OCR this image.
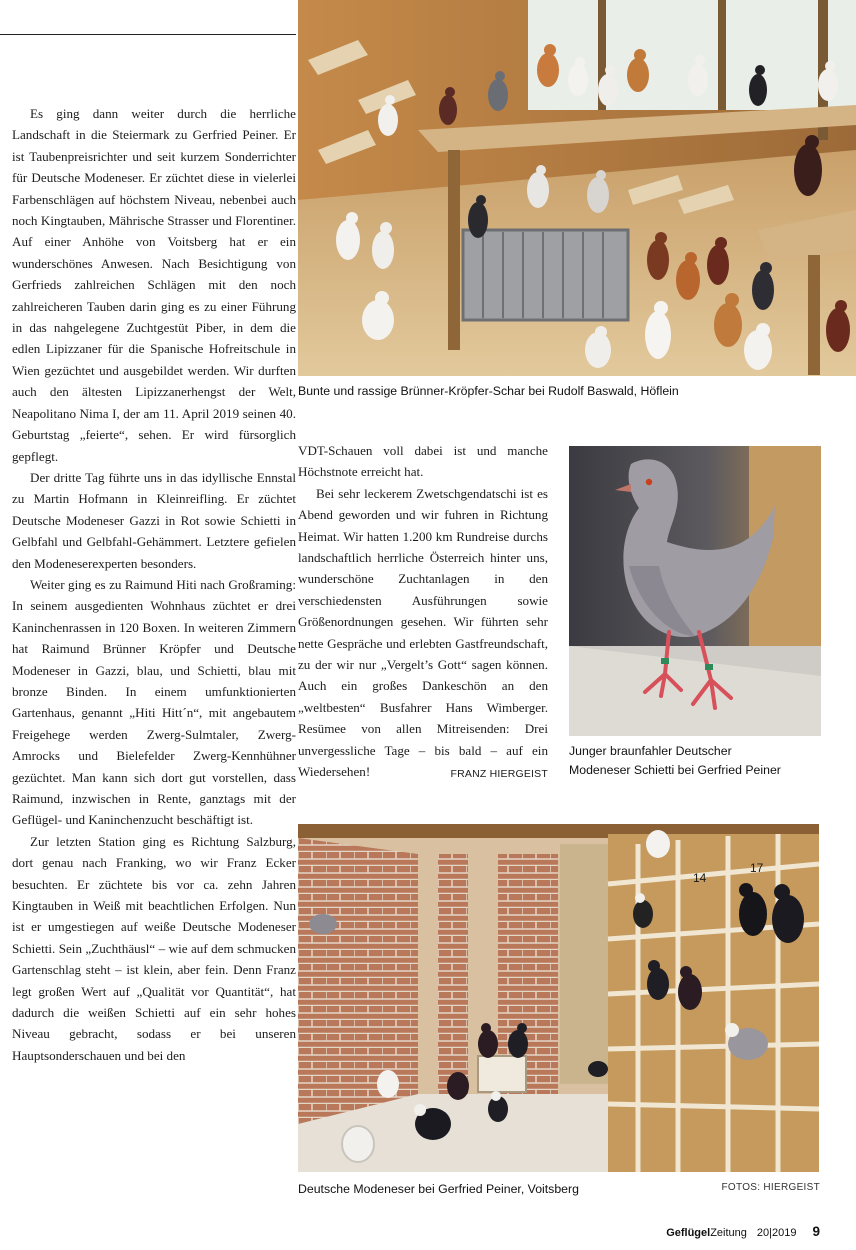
Es ging dann weiter durch die herrliche Landschaft in die Steiermark zu Gerfried Peiner. Er ist Taubenpreisrichter und seit kurzem Sonderrichter für Deutsche Modeneser. Er züchtet diese in vielerlei Farbenschlägen auf höchstem Niveau, nebenbei auch noch Kingtauben, Mährische Strasser und Florentiner. Auf einer Anhöhe von Voitsberg hat er ein wunderschönes Anwesen. Nach Besichtigung von Gerfrieds zahlreichen Schlägen mit den noch zahlreicheren Tauben darin ging es zu einer Führung in das nahgelegene Zuchtgestüt Piber, in dem die edlen Lipizzaner für die Spanische Hofreitschule in Wien gezüchtet und ausgebildet werden. Wir durften auch den ältesten Lipizzanerhengst der Welt, Neapolitano Nima I, der am 11. April 2019 seinen 40. Geburtstag „feierte“, sehen. Er wird fürsorglich gepflegt.

Der dritte Tag führte uns in das idyllische Ennstal zu Martin Hofmann in Kleinreifling. Er züchtet Deutsche Modeneser Gazzi in Rot sowie Schietti in Gelbfahl und Gelbfahl-Gehämmert. Letztere gefielen den Modeneserexperten besonders.

Weiter ging es zu Raimund Hiti nach Großraming: In seinem ausgedienten Wohnhaus züchtet er drei Kaninchenrassen in 120 Boxen. In weiteren Zimmern hat Raimund Brünner Kröpfer und Deutsche Modeneser in Gazzi, blau, und Schietti, blau mit bronze Binden. In einem umfunktionierten Gartenhaus, genannt „Hiti Hitt´n“, mit angebautem Freigehege werden Zwerg-Sulmtaler, Zwerg-Amrocks und Bielefelder Zwerg-Kennhühner gezüchtet. Man kann sich dort gut vorstellen, dass Raimund, inzwischen in Rente, ganztags mit der Geflügel- und Kaninchenzucht beschäftigt ist.

Zur letzten Station ging es Richtung Salzburg, dort genau nach Franking, wo wir Franz Ecker besuchten. Er züchtete bis vor ca. zehn Jahren Kingtauben in Weiß mit beachtlichen Erfolgen. Nun ist er umgestiegen auf weiße Deutsche Modeneser Schietti. Sein „Zuchthäusl“ – wie auf dem schmucken Gartenschlag steht – ist klein, aber fein. Denn Franz legt großen Wert auf „Qualität vor Quantität“, hat dadurch die weißen Schietti auf ein sehr hohes Niveau gebracht, sodass er bei unseren Hauptsonderschauen und bei den

VDT-Schauen voll dabei ist und manche Höchstnote erreicht hat.

Bei sehr leckerem Zwetschgendatschi ist es Abend geworden und wir fuhren in Richtung Heimat. Wir hatten 1.200 km Rundreise durchs landschaftlich herrliche Österreich hinter uns, wunderschöne Zuchtanlagen in den verschiedensten Ausführungen sowie Größenordnungen gesehen. Wir führten sehr nette Gespräche und erlebten Gastfreundschaft, zu der wir nur „Vergelt’s Gott“ sagen können. Auch ein großes Dankeschön an den „weltbesten“ Busfahrer Hans Wimberger. Resümee von allen Mitreisenden: Drei unvergessliche Tage – bis bald – auf ein Wiedersehen!	FRANZ HIERGEIST

Bunte und rassige Brünner-Kröpfer-Schar bei Rudolf Baswald, Höflein
Junger braunfahler Deutscher
Modeneser Schietti bei Gerfried Peiner
14
17
Deutsche Modeneser bei Gerfried Peiner, Voitsberg	FOTOS: HIERGEIST
GeflügelZeitung 20|2019 9
